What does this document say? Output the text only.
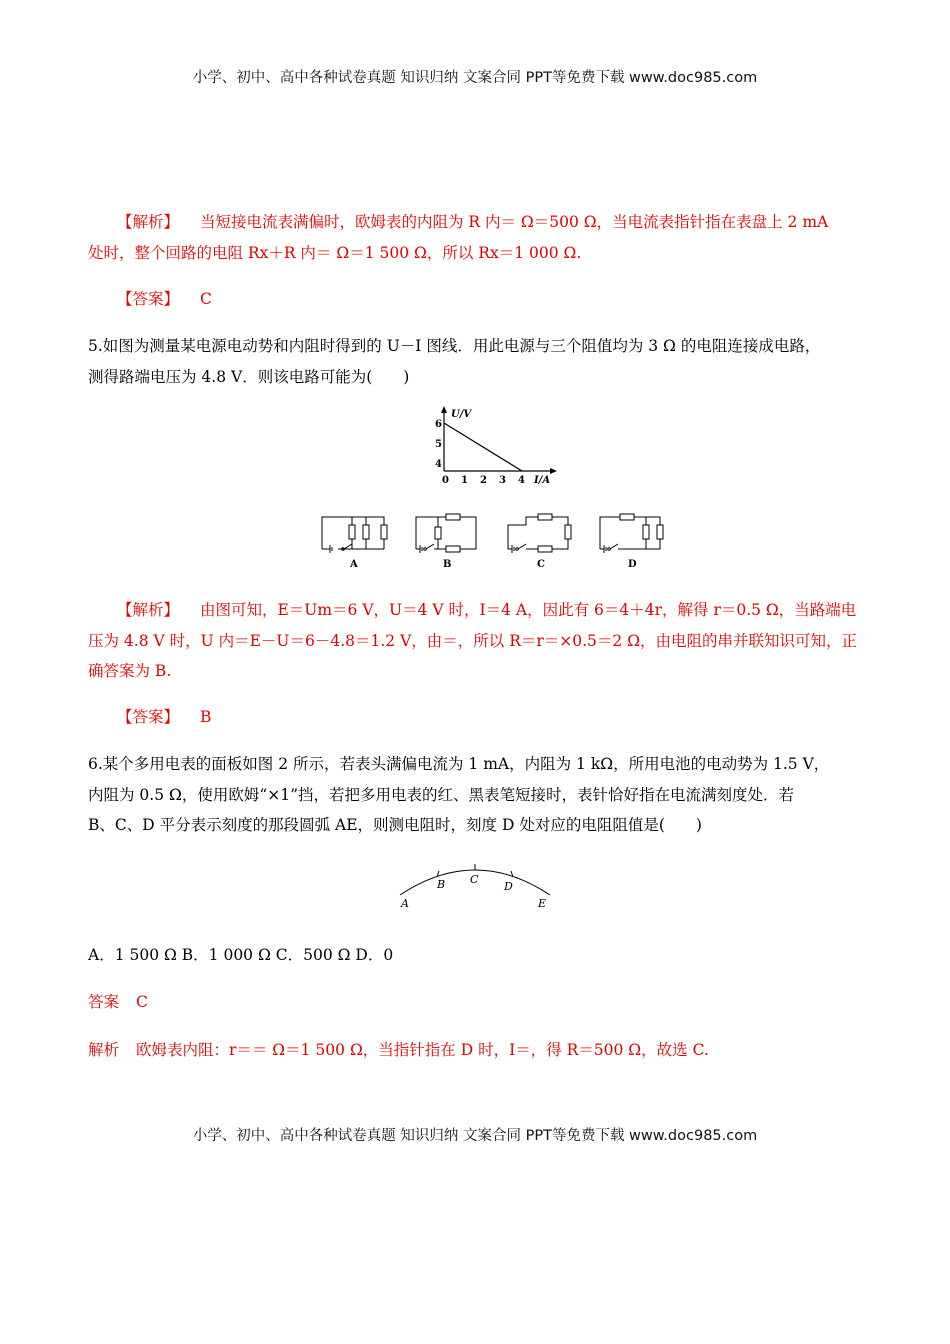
小学、初中、高中各种试卷真题 知识归纳 文案合同 PPT等免费下载 www.doc985.com
【解析】 当短接电流表满偏时，欧姆表的内阻为 R 内＝ Ω＝500 Ω，当电流表指针指在表盘上 2 mA
处时，整个回路的电阻 Rx＋R 内＝ Ω＝1 500 Ω，所以 Rx＝1 000 Ω.
【答案】 C
5.如图为测量某电源电动势和内阻时得到的 U－I 图线．用此电源与三个阻值均为 3 Ω 的电阻连接成电路，
测得路端电压为 4.8 V．则该电路可能为(　　)
U/V
6
5
4
0 1 2 3 4 I/A
A	B	C	D
【解析】 由图可知，E＝Um＝6 V，U＝4 V 时，I＝4 A，因此有 6＝4＋4r，解得 r＝0.5 Ω，当路端电
压为 4.8 V 时，U 内＝E－U＝6－4.8＝1.2 V，由＝，所以 R＝r＝×0.5＝2 Ω，由电阻的串并联知识可知，正
确答案为 B.
【答案】 B
6.某个多用电表的面板如图 2 所示，若表头满偏电流为 1 mA，内阻为 1 kΩ，所用电池的电动势为 1.5 V，
内阻为 0.5 Ω，使用欧姆“×1”挡，若把多用电表的红、黑表笔短接时，表针恰好指在电流满刻度处．若
B、C、D 平分表示刻度的那段圆弧 AE，则测电阻时，刻度 D 处对应的电阻阻值是(　　)
A
B C
D
E
A．1 500 Ω B．1 000 Ω C．500 Ω D．0
答案 C
解析 欧姆表内阻：r＝＝ Ω＝1 500 Ω，当指针指在 D 时，I＝，得 R＝500 Ω，故选 C.
小学、初中、高中各种试卷真题 知识归纳 文案合同 PPT等免费下载 www.doc985.com
